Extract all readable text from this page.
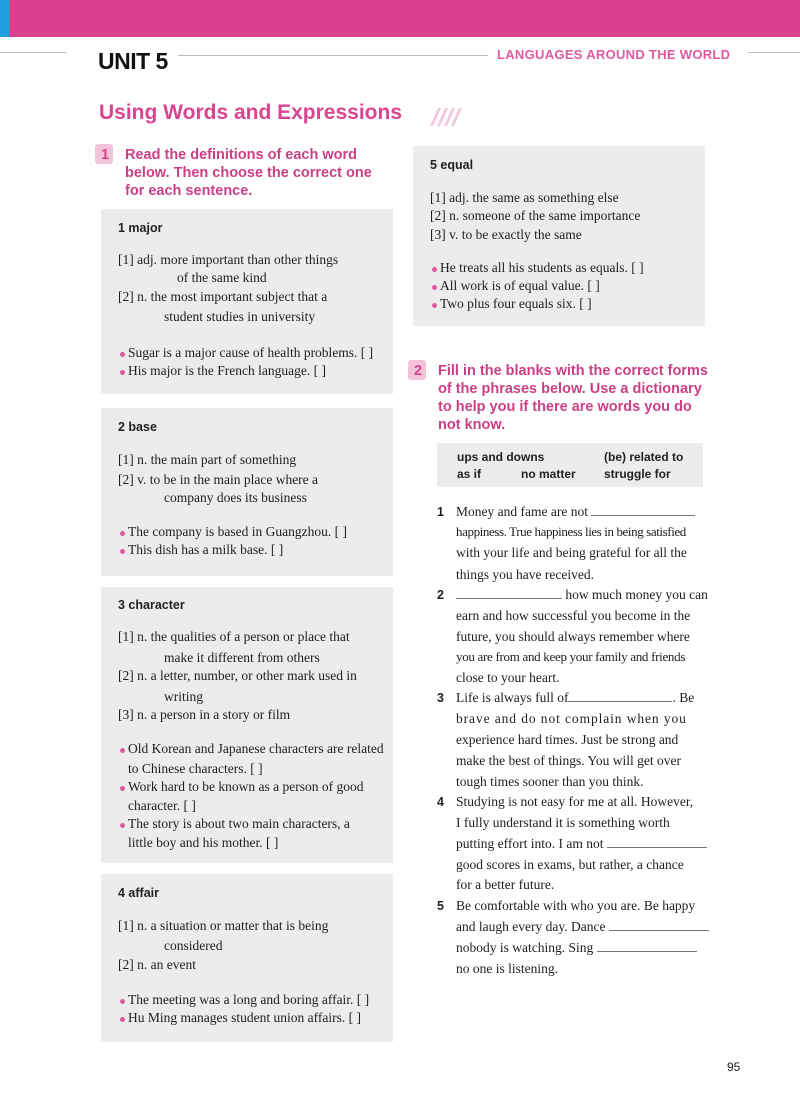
UNIT 5	LANGUAGES AROUND THE WORLD
Using Words and Expressions
1 Read the definitions of each word
below. Then choose the correct one
for each sentence.
1 major
[1] adj. more important than other things
of the same kind
[2] n. the most important subject that a
student studies in university
Sugar is a major cause of health problems. [ ]
His major is the French language. [ ]
2 base
[1] n. the main part of something
[2] v. to be in the main place where a
company does its business
The company is based in Guangzhou. [ ]
This dish has a milk base. [ ]
3 character
[1] n. the qualities of a person or place that
make it different from others
[2] n. a letter, number, or other mark used in
writing
[3] n. a person in a story or film
Old Korean and Japanese characters are related
to Chinese characters. [ ]
Work hard to be known as a person of good
character. [ ]
The story is about two main characters, a
little boy and his mother. [ ]
4 affair
[1] n. a situation or matter that is being
considered
[2] n. an event
The meeting was a long and boring affair. [ ]
Hu Ming manages student union affairs. [ ]
5 equal
[1] adj. the same as something else
[2] n. someone of the same importance
[3] v. to be exactly the same
He treats all his students as equals. [ ]
All work is of equal value. [ ]
Two plus four equals six. [ ]
2 Fill in the blanks with the correct forms
of the phrases below. Use a dictionary
to help you if there are words you do
not know.
ups and downs	(be) related to
as if	no matter struggle for
1 Money and fame are not
happiness. True happiness lies in being satisfied
with your life and being grateful for all the
things you have received.
2	how much money you can
earn and how successful you become in the
future, you should always remember where
you are from and keep your family and friends
close to your heart.
3 Life is always full of	. Be
brave and do not complain when you
experience hard times. Just be strong and
make the best of things. You will get over
tough times sooner than you think.
4 Studying is not easy for me at all. However,
I fully understand it is something worth
putting effort into. I am not
good scores in exams, but rather, a chance
for a better future.
5 Be comfortable with who you are. Be happy
and laugh every day. Dance
nobody is watching. Sing
no one is listening.
95
